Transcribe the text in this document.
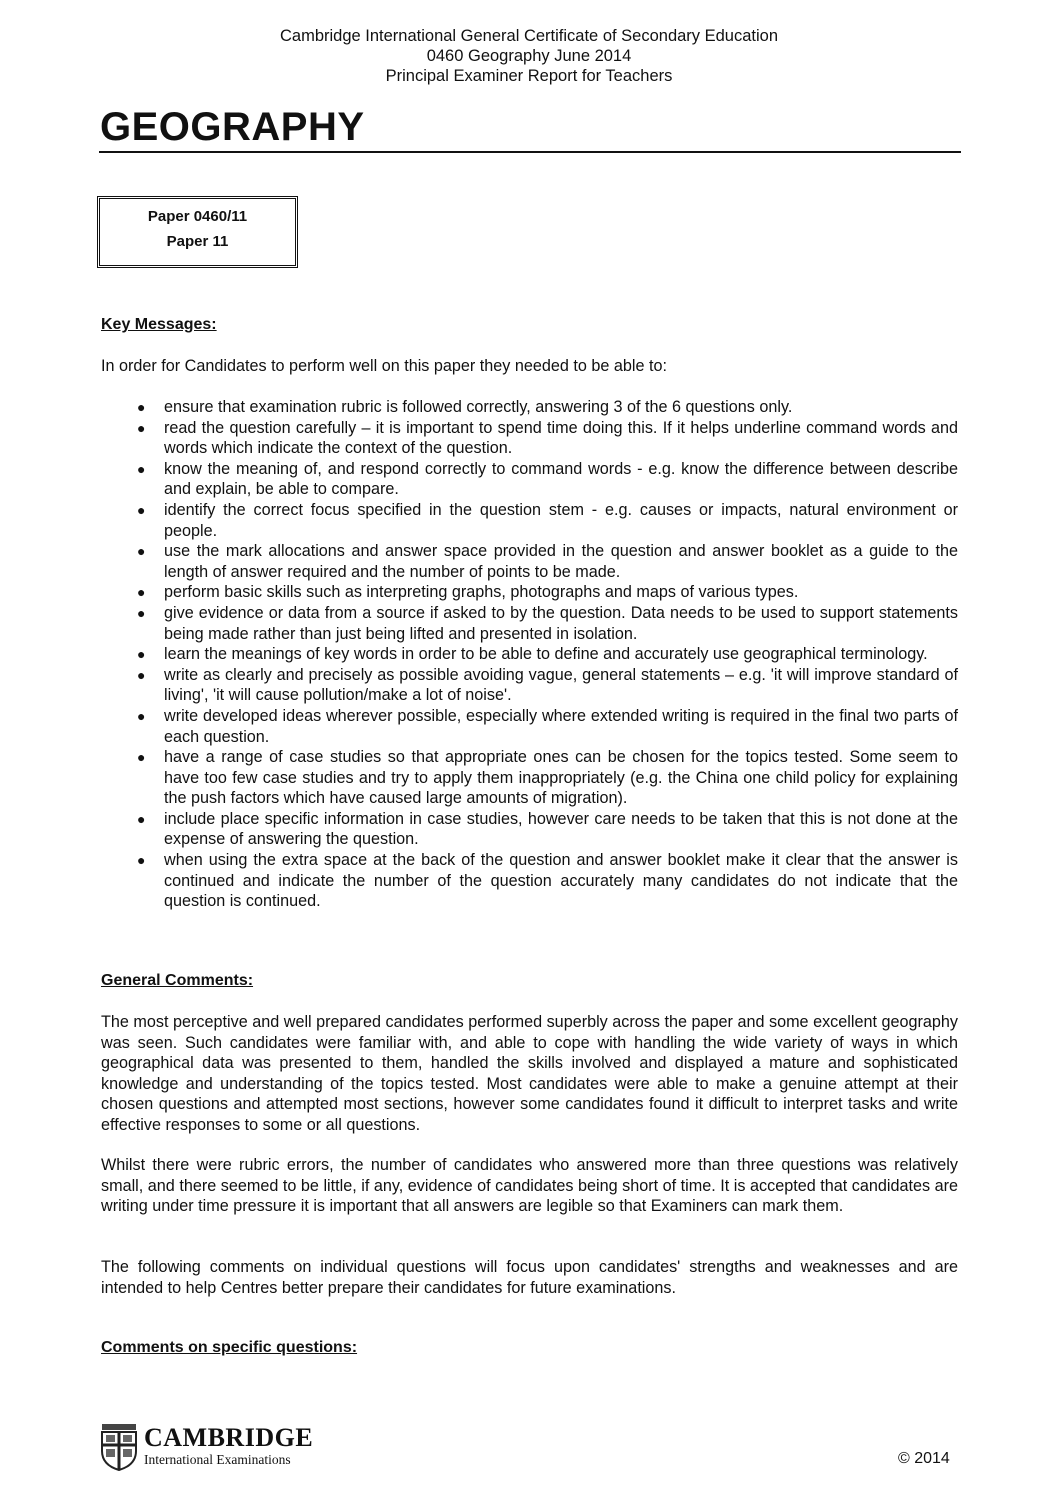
Cambridge International General Certificate of Secondary Education
0460 Geography June 2014
Principal Examiner Report for Teachers
GEOGRAPHY
Paper 0460/11
Paper 11
Key Messages:
In order for Candidates to perform well on this paper they needed to be able to:
● ensure that examination rubric is followed correctly, answering 3 of the 6 questions only.
● read the question carefully – it is important to spend time doing this. If it helps underline command words and words which indicate the context of the question.
● know the meaning of, and respond correctly to command words - e.g. know the difference between describe and explain, be able to compare.
● identify the correct focus specified in the question stem - e.g. causes or impacts, natural environment or people.
● use the mark allocations and answer space provided in the question and answer booklet as a guide to the length of answer required and the number of points to be made.
● perform basic skills such as interpreting graphs, photographs and maps of various types.
● give evidence or data from a source if asked to by the question. Data needs to be used to support statements being made rather than just being lifted and presented in isolation.
● learn the meanings of key words in order to be able to define and accurately use geographical terminology.
● write as clearly and precisely as possible avoiding vague, general statements – e.g. 'it will improve standard of living', 'it will cause pollution/make a lot of noise'.
● write developed ideas wherever possible, especially where extended writing is required in the final two parts of each question.
● have a range of case studies so that appropriate ones can be chosen for the topics tested. Some seem to have too few case studies and try to apply them inappropriately (e.g. the China one child policy for explaining the push factors which have caused large amounts of migration).
● include place specific information in case studies, however care needs to be taken that this is not done at the expense of answering the question.
● when using the extra space at the back of the question and answer booklet make it clear that the answer is continued and indicate the number of the question accurately many candidates do not indicate that the question is continued.
General Comments:
The most perceptive and well prepared candidates performed superbly across the paper and some excellent geography was seen. Such candidates were familiar with, and able to cope with handling the wide variety of ways in which geographical data was presented to them, handled the skills involved and displayed a mature and sophisticated knowledge and understanding of the topics tested. Most candidates were able to make a genuine attempt at their chosen questions and attempted most sections, however some candidates found it difficult to interpret tasks and write effective responses to some or all questions.
Whilst there were rubric errors, the number of candidates who answered more than three questions was relatively small, and there seemed to be little, if any, evidence of candidates being short of time. It is accepted that candidates are writing under time pressure it is important that all answers are legible so that Examiners can mark them.
The following comments on individual questions will focus upon candidates' strengths and weaknesses and are intended to help Centres better prepare their candidates for future examinations.
Comments on specific questions:
CAMBRIDGE
International Examinations	© 2014
